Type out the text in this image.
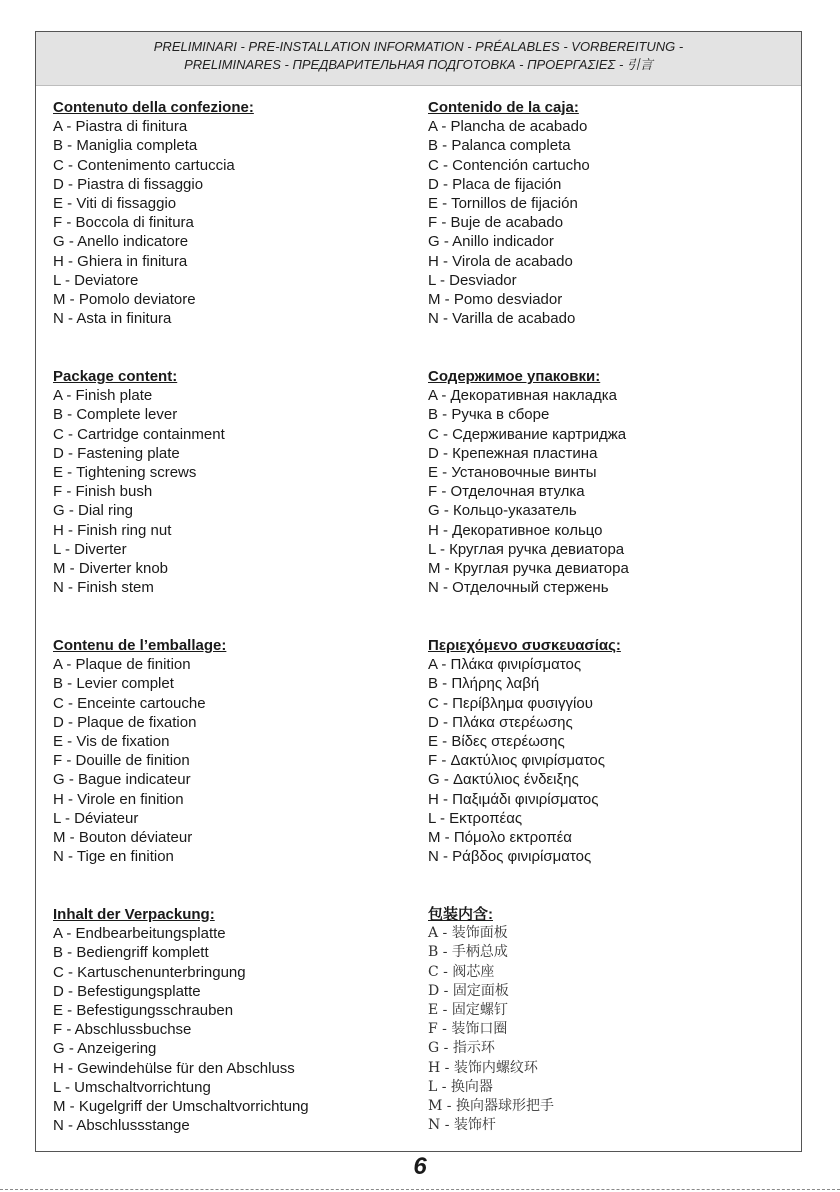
PRELIMINARI - PRE-INSTALLATION INFORMATION - PRÉALABLES - VORBEREITUNG -
PRELIMINARES - ПРЕДВАРИТЕЛЬНАЯ ПОДГОТОВКА - ΠΡΟΕΡΓΑΣΙΕΣ - 引言
Contenuto della confezione:
A - Piastra di finitura
B - Maniglia completa
C - Contenimento cartuccia
D - Piastra di fissaggio
E - Viti di fissaggio
F - Boccola di finitura
G - Anello indicatore
H - Ghiera in finitura
L - Deviatore
M - Pomolo deviatore
N - Asta in finitura
Package content:
A - Finish plate
B - Complete lever
C - Cartridge containment
D - Fastening plate
E - Tightening screws
F - Finish bush
G - Dial ring
H - Finish ring nut
L - Diverter
M - Diverter knob
N - Finish stem
Contenu de l’emballage:
A - Plaque de finition
B - Levier complet
C - Enceinte cartouche
D - Plaque de fixation
E - Vis de fixation
F - Douille de finition
G - Bague indicateur
H - Virole en finition
L - Déviateur
M - Bouton déviateur
N - Tige en finition
Inhalt der Verpackung:
A - Endbearbeitungsplatte
B - Bediengriff komplett
C - Kartuschenunterbringung
D - Befestigungsplatte
E - Befestigungsschrauben
F - Abschlussbuchse
G - Anzeigering
H - Gewindehülse für den Abschluss
L - Umschaltvorrichtung
M - Kugelgriff der Umschaltvorrichtung
N - Abschlussstange
Contenido de la caja:
A - Plancha de acabado
B - Palanca completa
C - Contención cartucho
D - Placa de fijación
E - Tornillos de fijación
F - Buje de acabado
G - Anillo indicador
H - Virola de acabado
L - Desviador
M - Pomo desviador
N - Varilla de acabado
Содержимое упаковки:
A - Декоративная накладка
B - Ручка в сборе
C - Сдерживание картриджа
D - Крепежная пластина
E - Установочные винты
F - Отделочная втулка
G - Кольцо-указатель
H - Декоративное кольцо
L - Круглая ручка девиатора
M - Круглая ручка девиатора
N - Отделочный стержень
Περιεχόμενο συσκευασίας:
A - Πλάκα φινιρίσματος
B - Πλήρης λαβή
C - Περίβλημα φυσιγγίου
D - Πλάκα στερέωσης
E - Βίδες στερέωσης
F - Δακτύλιος φινιρίσματος
G - Δακτύλιος ένδειξης
H - Παξιμάδι φινιρίσματος
L - Εκτροπέας
M - Πόμολο εκτροπέα
N - Ράβδος φινιρίσματος
包装内含:
A - 装饰面板
B - 手柄总成
C - 阀芯座
D - 固定面板
E - 固定螺钉
F - 装饰口圈
G - 指示环
H - 装饰内螺纹环
L - 换向器
M - 换向器球形把手
N - 装饰杆
6
